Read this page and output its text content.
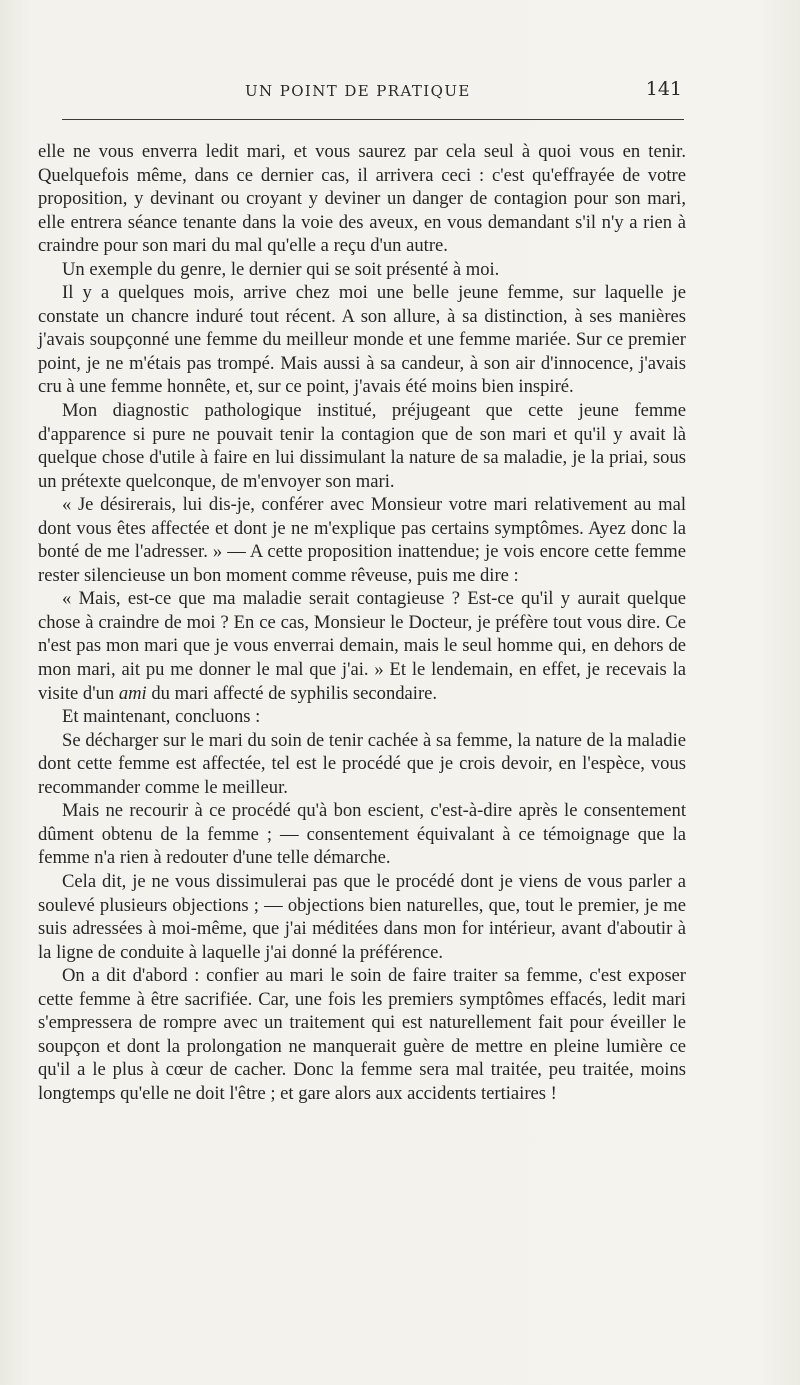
UN POINT DE PRATIQUE	141

elle ne vous enverra ledit mari, et vous saurez par cela seul à quoi vous en tenir. Quelquefois même, dans ce dernier cas, il arrivera ceci : c'est qu'effrayée de votre proposition, y devinant ou croyant y deviner un danger de contagion pour son mari, elle entrera séance tenante dans la voie des aveux, en vous demandant s'il n'y a rien à craindre pour son mari du mal qu'elle a reçu d'un autre.

Un exemple du genre, le dernier qui se soit présenté à moi.

Il y a quelques mois, arrive chez moi une belle jeune femme, sur laquelle je constate un chancre induré tout récent. A son allure, à sa distinction, à ses manières j'avais soupçonné une femme du meilleur monde et une femme mariée. Sur ce premier point, je ne m'étais pas trompé. Mais aussi à sa candeur, à son air d'innocence, j'avais cru à une femme honnête, et, sur ce point, j'avais été moins bien inspiré.

Mon diagnostic pathologique institué, préjugeant que cette jeune femme d'apparence si pure ne pouvait tenir la contagion que de son mari et qu'il y avait là quelque chose d'utile à faire en lui dissimulant la nature de sa maladie, je la priai, sous un prétexte quelconque, de m'envoyer son mari.

« Je désirerais, lui dis-je, conférer avec Monsieur votre mari relativement au mal dont vous êtes affectée et dont je ne m'explique pas certains symptômes. Ayez donc la bonté de me l'adresser. » — A cette proposition inattendue; je vois encore cette femme rester silencieuse un bon moment comme rêveuse, puis me dire :

« Mais, est-ce que ma maladie serait contagieuse ? Est-ce qu'il y aurait quelque chose à craindre de moi ? En ce cas, Monsieur le Docteur, je préfère tout vous dire. Ce n'est pas mon mari que je vous enverrai demain, mais le seul homme qui, en dehors de mon mari, ait pu me donner le mal que j'ai. » Et le lendemain, en effet, je recevais la visite d'un ami du mari affecté de syphilis secondaire.

Et maintenant, concluons :

Se décharger sur le mari du soin de tenir cachée à sa femme, la nature de la maladie dont cette femme est affectée, tel est le procédé que je crois devoir, en l'espèce, vous recommander comme le meilleur.

Mais ne recourir à ce procédé qu'à bon escient, c'est-à-dire après le consentement dûment obtenu de la femme ; — consentement équivalant à ce témoignage que la femme n'a rien à redouter d'une telle démarche.

Cela dit, je ne vous dissimulerai pas que le procédé dont je viens de vous parler a soulevé plusieurs objections ; — objections bien naturelles, que, tout le premier, je me suis adressées à moi-même, que j'ai méditées dans mon for intérieur, avant d'aboutir à la ligne de conduite à laquelle j'ai donné la préférence.

On a dit d'abord : confier au mari le soin de faire traiter sa femme, c'est exposer cette femme à être sacrifiée. Car, une fois les premiers symptômes effacés, ledit mari s'empressera de rompre avec un traitement qui est naturellement fait pour éveiller le soupçon et dont la prolongation ne manquerait guère de mettre en pleine lumière ce qu'il a le plus à cœur de cacher. Donc la femme sera mal traitée, peu traitée, moins longtemps qu'elle ne doit l'être ; et gare alors aux accidents tertiaires !
